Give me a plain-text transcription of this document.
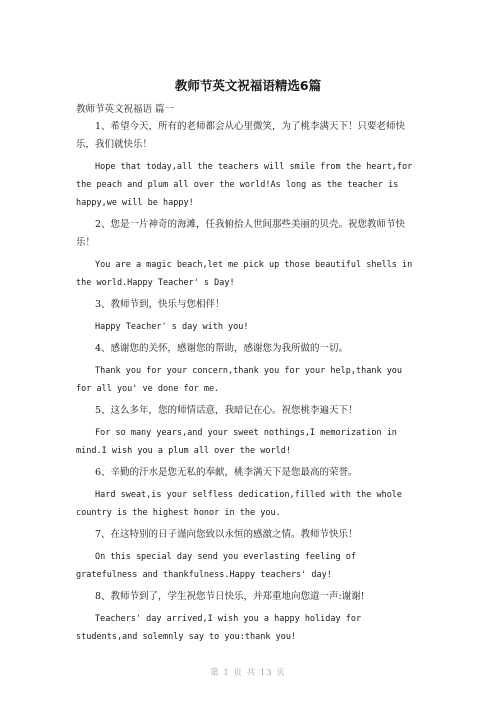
教师节英文祝福语精选6篇
教师节英文祝福语 篇一

1、希望今天，所有的老师都会从心里微笑，为了桃李满天下！只要老师快乐，我们就快乐！

Hope that today,all the teachers will smile from the heart,for the peach and plum all over the world!As long as the teacher is happy,we will be happy!

2、您是一片神奇的海滩，任我俯拾人世间那些美丽的贝壳。祝您教师节快乐！

You are a magic beach,let me pick up those beautiful shells in the world.Happy Teacher' s Day!

3、教师节到，快乐与您相伴！

Happy Teacher' s day with you!

4、感谢您的关怀，感谢您的帮助，感谢您为我所做的一切。

Thank you for your concern,thank you for your help,thank you for all you' ve done for me.

5、这么多年，您的师情话意，我暗记在心。祝您桃李遍天下！

For so many years,and your sweet nothings,I memorization in mind.I wish you a plum all over the world!

6、辛勤的汗水是您无私的奉献，桃李满天下是您最高的荣誉。

Hard sweat,is your selfless dedication,filled with the whole country is the highest honor in the you.

7、在这特别的日子谨向您致以永恒的感激之情。教师节快乐！

On this special day send you everlasting feeling of gratefulness and thankfulness.Happy teachers' day!

8、教师节到了，学生祝您节日快乐，并郑重地向您道一声:谢谢!

Teachers' day arrived,I wish you a happy holiday for students,and solemnly say to you:thank you!

第 1 页 共 13 页
